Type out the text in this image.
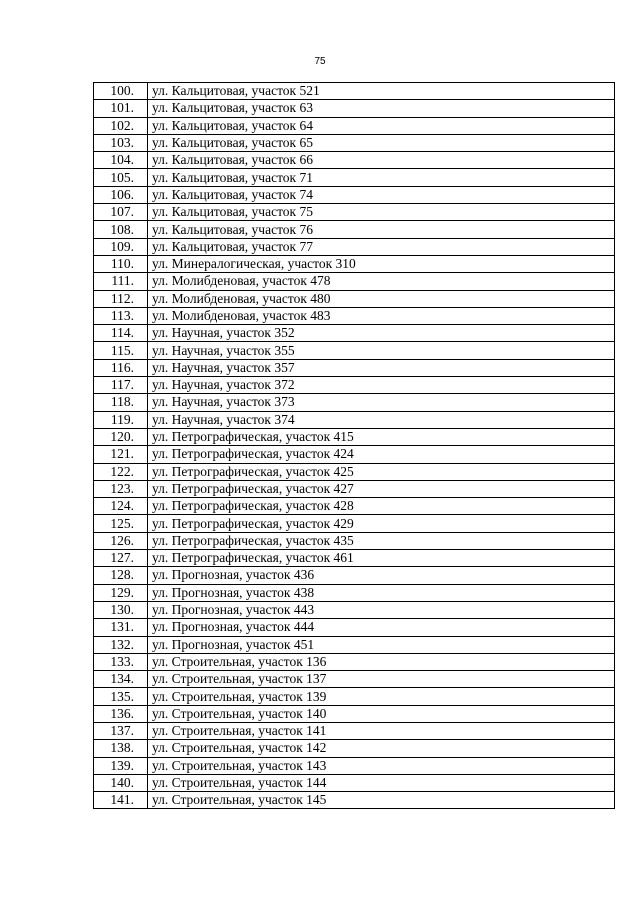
75
100.	ул. Кальцитовая, участок 521
101.	ул. Кальцитовая, участок 63
102.	ул. Кальцитовая, участок 64
103.	ул. Кальцитовая, участок 65
104.	ул. Кальцитовая, участок 66
105.	ул. Кальцитовая, участок 71
106.	ул. Кальцитовая, участок 74
107.	ул. Кальцитовая, участок 75
108.	ул. Кальцитовая, участок 76
109.	ул. Кальцитовая, участок 77
110.	ул. Минералогическая, участок 310
111.	ул. Молибденовая, участок 478
112.	ул. Молибденовая, участок 480
113.	ул. Молибденовая, участок 483
114.	ул. Научная, участок 352
115.	ул. Научная, участок 355
116.	ул. Научная, участок 357
117.	ул. Научная, участок 372
118.	ул. Научная, участок 373
119.	ул. Научная, участок 374
120.	ул. Петрографическая, участок 415
121.	ул. Петрографическая, участок 424
122.	ул. Петрографическая, участок 425
123.	ул. Петрографическая, участок 427
124.	ул. Петрографическая, участок 428
125.	ул. Петрографическая, участок 429
126.	ул. Петрографическая, участок 435
127.	ул. Петрографическая, участок 461
128.	ул. Прогнозная, участок 436
129.	ул. Прогнозная, участок 438
130.	ул. Прогнозная, участок 443
131.	ул. Прогнозная, участок 444
132.	ул. Прогнозная, участок 451
133.	ул. Строительная, участок 136
134.	ул. Строительная, участок 137
135.	ул. Строительная, участок 139
136.	ул. Строительная, участок 140
137.	ул. Строительная, участок 141
138.	ул. Строительная, участок 142
139.	ул. Строительная, участок 143
140.	ул. Строительная, участок 144
141.	ул. Строительная, участок 145
